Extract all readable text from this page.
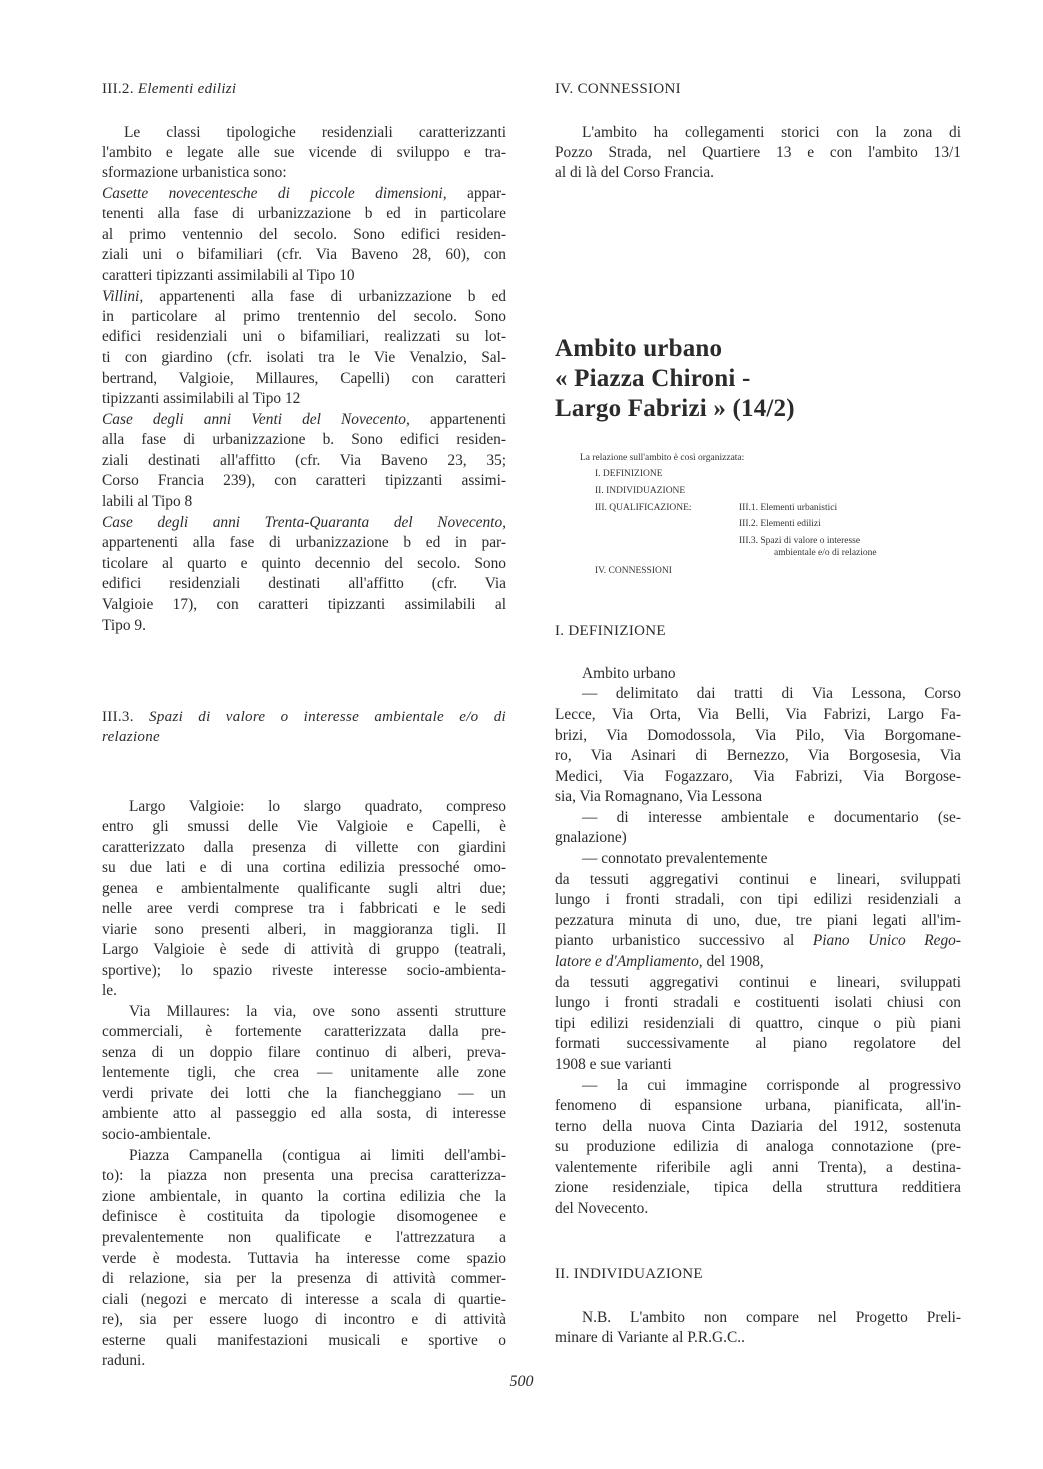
III.2. Elementi edilizi
Le classi tipologiche residenziali caratterizzanti
l'ambito e legate alle sue vicende di sviluppo e tra-
sformazione urbanistica sono:
Casette novecentesche di piccole dimensioni, appar-
tenenti alla fase di urbanizzazione b ed in particolare
al primo ventennio del secolo. Sono edifici residen-
ziali uni o bifamiliari (cfr. Via Baveno 28, 60), con
caratteri tipizzanti assimilabili al Tipo 10
Villini, appartenenti alla fase di urbanizzazione b ed
in particolare al primo trentennio del secolo. Sono
edifici residenziali uni o bifamiliari, realizzati su lot-
ti con giardino (cfr. isolati tra le Vie Venalzio, Sal-
bertrand, Valgioie, Millaures, Capelli) con caratteri
tipizzanti assimilabili al Tipo 12
Case degli anni Venti del Novecento, appartenenti
alla fase di urbanizzazione b. Sono edifici residen-
ziali destinati all'affitto (cfr. Via Baveno 23, 35;
Corso Francia 239), con caratteri tipizzanti assimi-
labili al Tipo 8
Case degli anni Trenta-Quaranta del Novecento,
appartenenti alla fase di urbanizzazione b ed in par-
ticolare al quarto e quinto decennio del secolo. Sono
edifici residenziali destinati all'affitto (cfr. Via
Valgioie 17), con caratteri tipizzanti assimilabili al
Tipo 9.
III.3. Spazi di valore o interesse ambientale e/o di
relazione
Largo Valgioie: lo slargo quadrato, compreso
entro gli smussi delle Vie Valgioie e Capelli, è
caratterizzato dalla presenza di villette con giardini
su due lati e di una cortina edilizia pressoché omo-
genea e ambientalmente qualificante sugli altri due;
nelle aree verdi comprese tra i fabbricati e le sedi
viarie sono presenti alberi, in maggioranza tigli. Il
Largo Valgioie è sede di attività di gruppo (teatrali,
sportive); lo spazio riveste interesse socio-ambienta-
le.
Via Millaures: la via, ove sono assenti strutture
commerciali, è fortemente caratterizzata dalla pre-
senza di un doppio filare continuo di alberi, preva-
lentemente tigli, che crea — unitamente alle zone
verdi private dei lotti che la fiancheggiano — un
ambiente atto al passeggio ed alla sosta, di interesse
socio-ambientale.
Piazza Campanella (contigua ai limiti dell'ambi-
to): la piazza non presenta una precisa caratterizza-
zione ambientale, in quanto la cortina edilizia che la
definisce è costituita da tipologie disomogenee e
prevalentemente non qualificate e l'attrezzatura a
verde è modesta. Tuttavia ha interesse come spazio
di relazione, sia per la presenza di attività commer-
ciali (negozi e mercato di interesse a scala di quartie-
re), sia per essere luogo di incontro e di attività
esterne quali manifestazioni musicali e sportive o
raduni.
IV. CONNESSIONI
L'ambito ha collegamenti storici con la zona di
Pozzo Strada, nel Quartiere 13 e con l'ambito 13/1
al di là del Corso Francia.
Ambito urbano
« Piazza Chironi -
Largo Fabrizi » (14/2)
La relazione sull'ambito è così organizzata:
I. DEFINIZIONE
II. INDIVIDUAZIONE
III. QUALIFICAZIONE:	III.1. Elementi urbanistici
III.2. Elementi edilizi
III.3. Spazi di valore o interesse
ambientale e/o di relazione
IV. CONNESSIONI
I. DEFINIZIONE
Ambito urbano
— delimitato dai tratti di Via Lessona, Corso
Lecce, Via Orta, Via Belli, Via Fabrizi, Largo Fa-
brizi, Via Domodossola, Via Pilo, Via Borgomane-
ro, Via Asinari di Bernezzo, Via Borgosesia, Via
Medici, Via Fogazzaro, Via Fabrizi, Via Borgose-
sia, Via Romagnano, Via Lessona
— di interesse ambientale e documentario (se-
gnalazione)
— connotato prevalentemente
da tessuti aggregativi continui e lineari, sviluppati
lungo i fronti stradali, con tipi edilizi residenziali a
pezzatura minuta di uno, due, tre piani legati all'im-
pianto urbanistico successivo al Piano Unico Rego-
latore e d'Ampliamento, del 1908,
da tessuti aggregativi continui e lineari, sviluppati
lungo i fronti stradali e costituenti isolati chiusi con
tipi edilizi residenziali di quattro, cinque o più piani
formati successivamente al piano regolatore del
1908 e sue varianti
— la cui immagine corrisponde al progressivo
fenomeno di espansione urbana, pianificata, all'in-
terno della nuova Cinta Daziaria del 1912, sostenuta
su produzione edilizia di analoga connotazione (pre-
valentemente riferibile agli anni Trenta), a destina-
zione residenziale, tipica della struttura redditiera
del Novecento.
II. INDIVIDUAZIONE
N.B. L'ambito non compare nel Progetto Preli-
minare di Variante al P.R.G.C..
500
